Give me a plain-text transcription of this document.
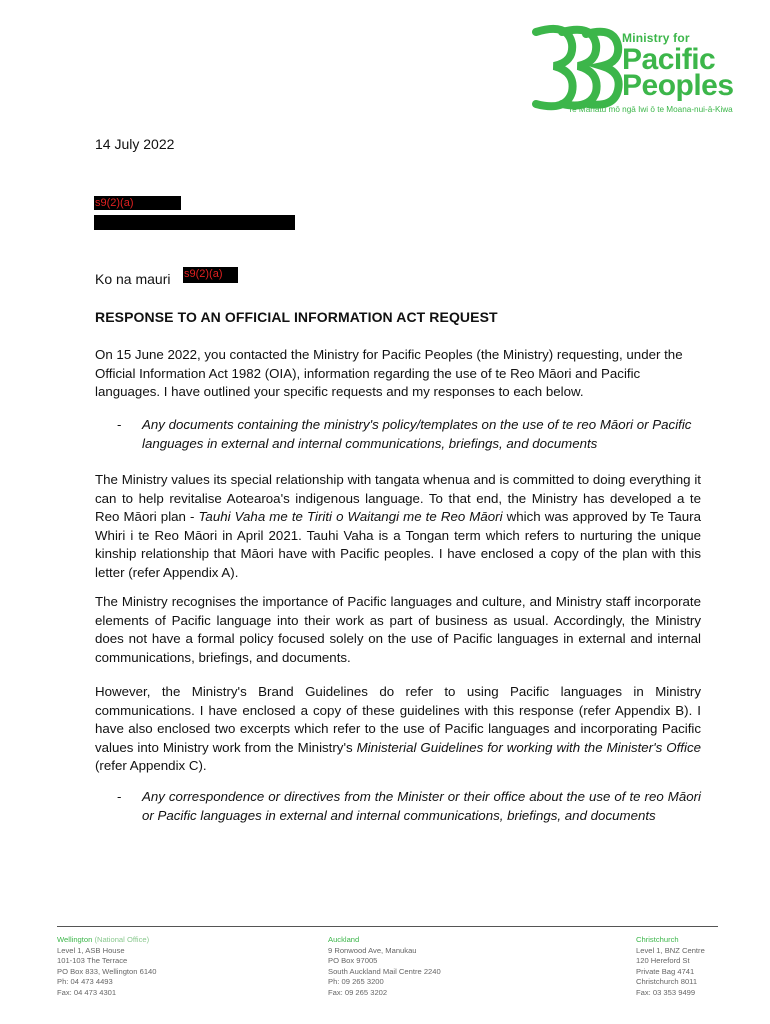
Ministry for
Pacific
Peoples
Te Manatū mō ngā Iwi ō te Moana-nui-ā-Kiwa
14 July 2022
s9(2)(a)
Ko na mauri s9(2)(a)
RESPONSE TO AN OFFICIAL INFORMATION ACT REQUEST

On 15 June 2022, you contacted the Ministry for Pacific Peoples (the Ministry) requesting, under the Official Information Act 1982 (OIA), information regarding the use of te Reo Māori and Pacific languages. I have outlined your specific requests and my responses to each below.

- Any documents containing the ministry's policy/templates on the use of te reo Māori or Pacific languages in external and internal communications, briefings, and documents

The Ministry values its special relationship with tangata whenua and is committed to doing everything it can to help revitalise Aotearoa's indigenous language. To that end, the Ministry has developed a te Reo Māori plan - Tauhi Vaha me te Tiriti o Waitangi me te Reo Māori which was approved by Te Taura Whiri i te Reo Māori in April 2021. Tauhi Vaha is a Tongan term which refers to nurturing the unique kinship relationship that Māori have with Pacific peoples. I have enclosed a copy of the plan with this letter (refer Appendix A).

The Ministry recognises the importance of Pacific languages and culture, and Ministry staff incorporate elements of Pacific language into their work as part of business as usual. Accordingly, the Ministry does not have a formal policy focused solely on the use of Pacific languages in external and internal communications, briefings, and documents.

However, the Ministry's Brand Guidelines do refer to using Pacific languages in Ministry communications. I have enclosed a copy of these guidelines with this response (refer Appendix B). I have also enclosed two excerpts which refer to the use of Pacific languages and incorporating Pacific values into Ministry work from the Ministry's Ministerial Guidelines for working with the Minister's Office (refer Appendix C).

- Any correspondence or directives from the Minister or their office about the use of te reo Māori or Pacific languages in external and internal communications, briefings, and documents
Wellington (National Office)
Level 1, ASB House
101-103 The Terrace
PO Box 833, Wellington 6140
Ph: 04 473 4493
Fax: 04 473 4301
Auckland
9 Ronwood Ave, Manukau
PO Box 97005
South Auckland Mail Centre 2240
Ph: 09 265 3200
Fax: 09 265 3202
Christchurch
Level 1, BNZ Centre
120 Hereford St
Private Bag 4741
Christchurch 8011
Fax: 03 353 9499
